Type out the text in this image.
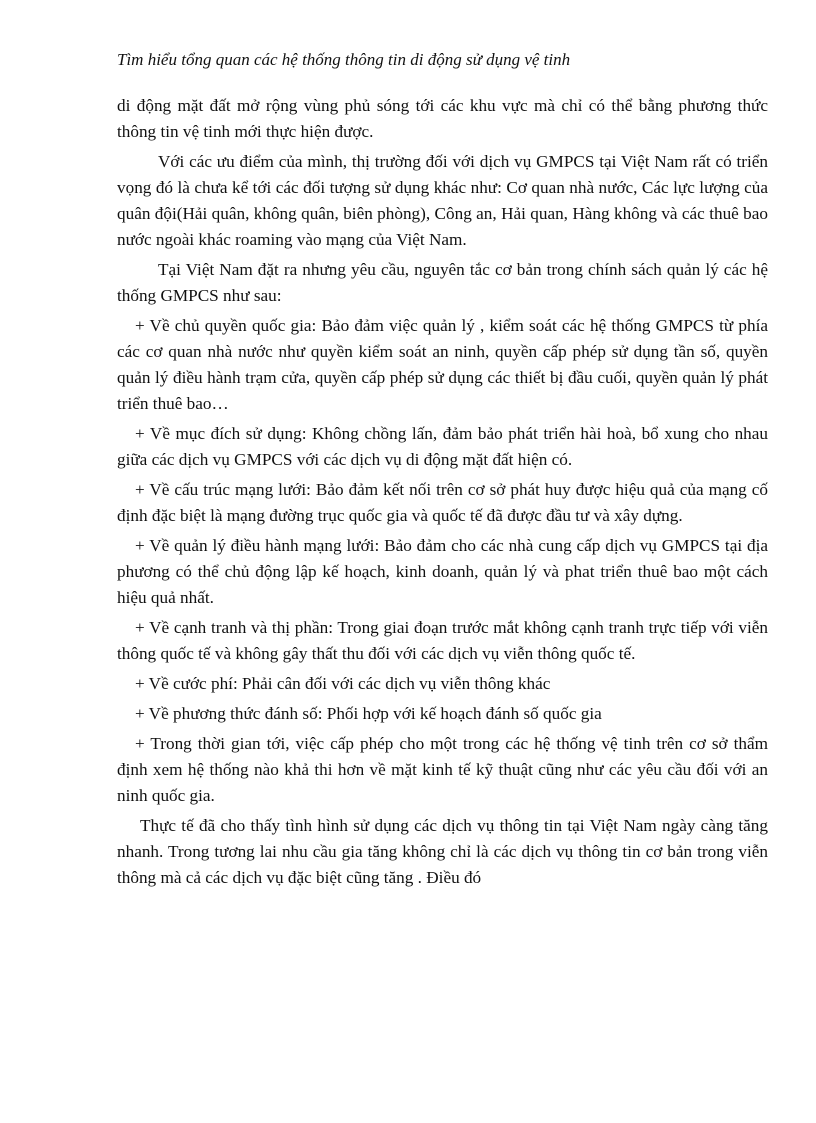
Tìm hiểu tổng quan các hệ thống thông tin di động sử dụng vệ tinh

di động mặt đất mở rộng vùng phủ sóng tới các khu vực mà chỉ có thể bằng phương thức thông tin vệ tinh mới thực hiện được.

Với các ưu điểm của mình, thị trường đối với dịch vụ GMPCS tại Việt Nam rất có triển vọng đó là chưa kể tới các đối tượng sử dụng khác như: Cơ quan nhà nước, Các lực lượng của quân đội(Hải quân, không quân, biên phòng), Công an, Hải quan, Hàng không và các thuê bao nước ngoài khác roaming vào mạng của Việt Nam.

Tại Việt Nam đặt ra nhưng yêu cầu, nguyên tắc cơ bản trong chính sách quản lý các hệ thống GMPCS như sau:

+ Về chủ quyền quốc gia: Bảo đảm việc quản lý , kiểm soát các hệ thống GMPCS từ phía các cơ quan nhà nước như quyền kiểm soát an ninh, quyền cấp phép sử dụng tần số, quyền quản lý điều hành trạm cửa, quyền cấp phép sử dụng các thiết bị đầu cuối, quyền quản lý phát triển thuê bao…

+ Về mục đích sử dụng: Không chồng lấn, đảm bảo phát triển hài hoà, bổ xung cho nhau giữa các dịch vụ GMPCS với các dịch vụ di động mặt đất hiện có.

+ Về cấu trúc mạng lưới: Bảo đảm kết nối trên cơ sở phát huy được hiệu quả của mạng cố định đặc biệt là mạng đường trục quốc gia và quốc tế đã được đầu tư và xây dựng.

+ Về quản lý điều hành mạng lưới: Bảo đảm cho các nhà cung cấp dịch vụ GMPCS tại địa phương có thể chủ động lập kế hoạch, kinh doanh, quản lý và phat triển thuê bao một cách hiệu quả nhất.

+ Về cạnh tranh và thị phần: Trong giai đoạn trước mắt không cạnh tranh trực tiếp với viễn thông quốc tế và không gây thất thu đối với các dịch vụ viễn thông quốc tế.

+ Về cước phí: Phải cân đối với các dịch vụ viễn thông khác

+ Về phương thức đánh số: Phối hợp với kế hoạch đánh số quốc gia

+ Trong thời gian tới, việc cấp phép cho một trong các hệ thống vệ tinh trên cơ sở thẩm định xem hệ thống nào khả thi hơn về mặt kinh tế kỹ thuật cũng như các yêu cầu đối với an ninh quốc gia.

Thực tế đã cho thấy tình hình sử dụng các dịch vụ thông tin tại Việt Nam ngày càng tăng nhanh. Trong tương lai nhu cầu gia tăng không chỉ là các dịch vụ thông tin cơ bản trong viễn thông mà cả các dịch vụ đặc biệt cũng tăng . Điều đó
